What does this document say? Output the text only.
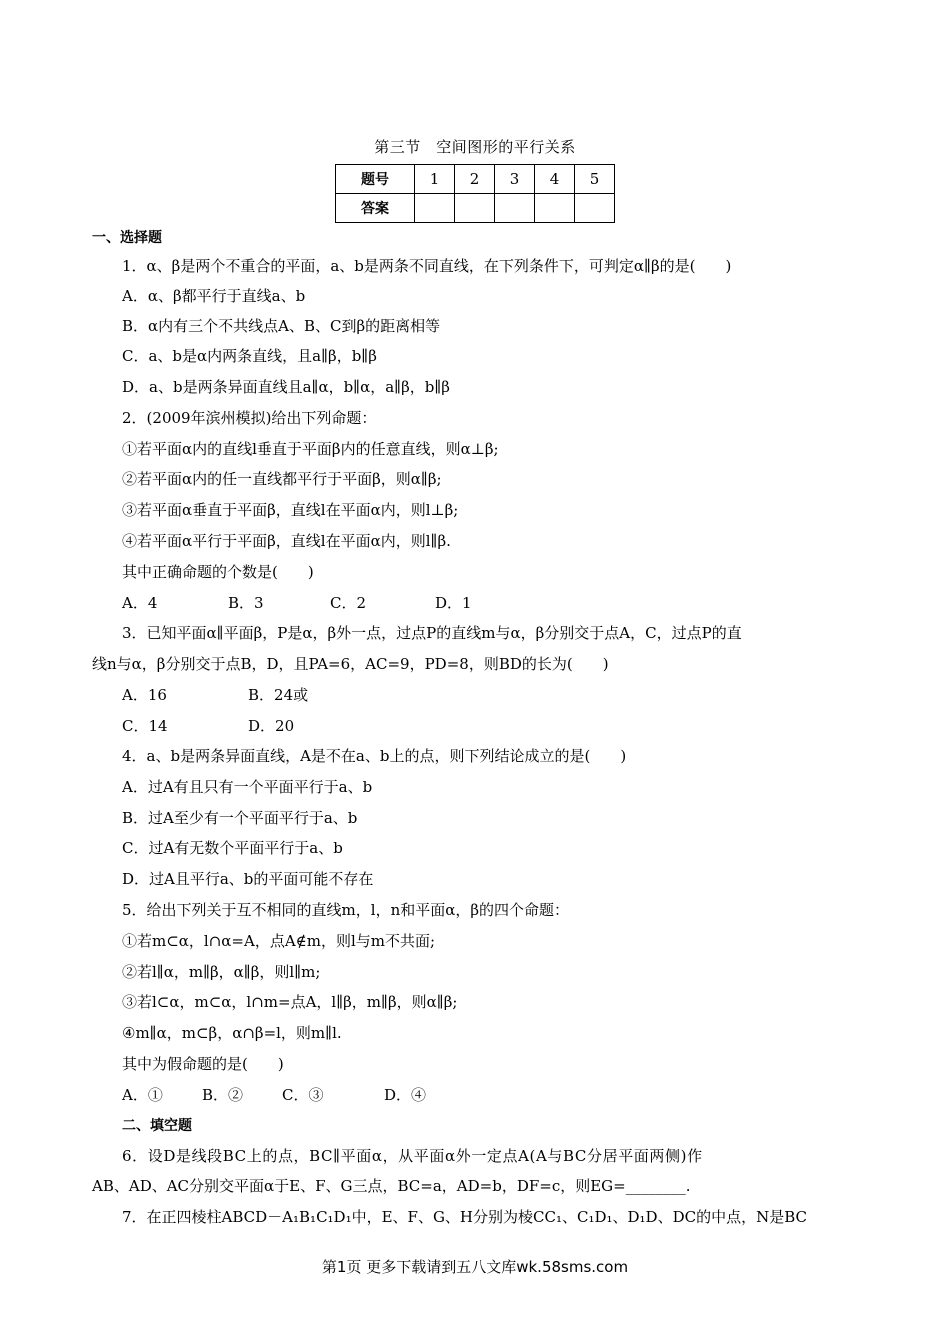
第三节　空间图形的平行关系
题号	1	2	3	4	5
答案					
一、选择题
1．α、β是两个不重合的平面，a、b是两条不同直线，在下列条件下，可判定α∥β的是(　　)
A．α、β都平行于直线a、b
B．α内有三个不共线点A、B、C到β的距离相等
C．a、b是α内两条直线，且a∥β，b∥β
D．a、b是两条异面直线且a∥α，b∥α，a∥β，b∥β
2．(2009年滨州模拟)给出下列命题：
①若平面α内的直线l垂直于平面β内的任意直线，则α⊥β;
②若平面α内的任一直线都平行于平面β，则α∥β;
③若平面α垂直于平面β，直线l在平面α内，则l⊥β;
④若平面α平行于平面β，直线l在平面α内，则l∥β.
其中正确命题的个数是(　　)
A．4	B．3	C．2	D．1
3．已知平面α∥平面β，P是α，β外一点，过点P的直线m与α，β分别交于点A，C，过点P的直
线n与α，β分别交于点B，D，且PA=6，AC=9，PD=8，则BD的长为(　　)
A．16	B．24或
C．14	D．20
4．a、b是两条异面直线，A是不在a、b上的点，则下列结论成立的是(　　)
A．过A有且只有一个平面平行于a、b
B．过A至少有一个平面平行于a、b
C．过A有无数个平面平行于a、b
D．过A且平行a、b的平面可能不存在
5．给出下列关于互不相同的直线m，l，n和平面α，β的四个命题：
①若m⊂α，l∩α=A，点A∉m，则l与m不共面;
②若l∥α，m∥β，α∥β，则l∥m;
③若l⊂α，m⊂α，l∩m=点A，l∥β，m∥β，则α∥β;
④m∥α，m⊂β，α∩β=l，则m∥l.
其中为假命题的是(　　)
A．①	B．②	C．③	D．④
二、填空题
6．设D是线段BC上的点，BC∥平面α，从平面α外一定点A(A与BC分居平面两侧)作
AB、AD、AC分别交平面α于E、F、G三点，BC=a，AD=b，DF=c，则EG=________.
7．在正四棱柱ABCD－A₁B₁C₁D₁中，E、F、G、H分别为棱CC₁、C₁D₁、D₁D、DC的中点，N是BC
第1页 更多下载请到五八文库wk.58sms.com
